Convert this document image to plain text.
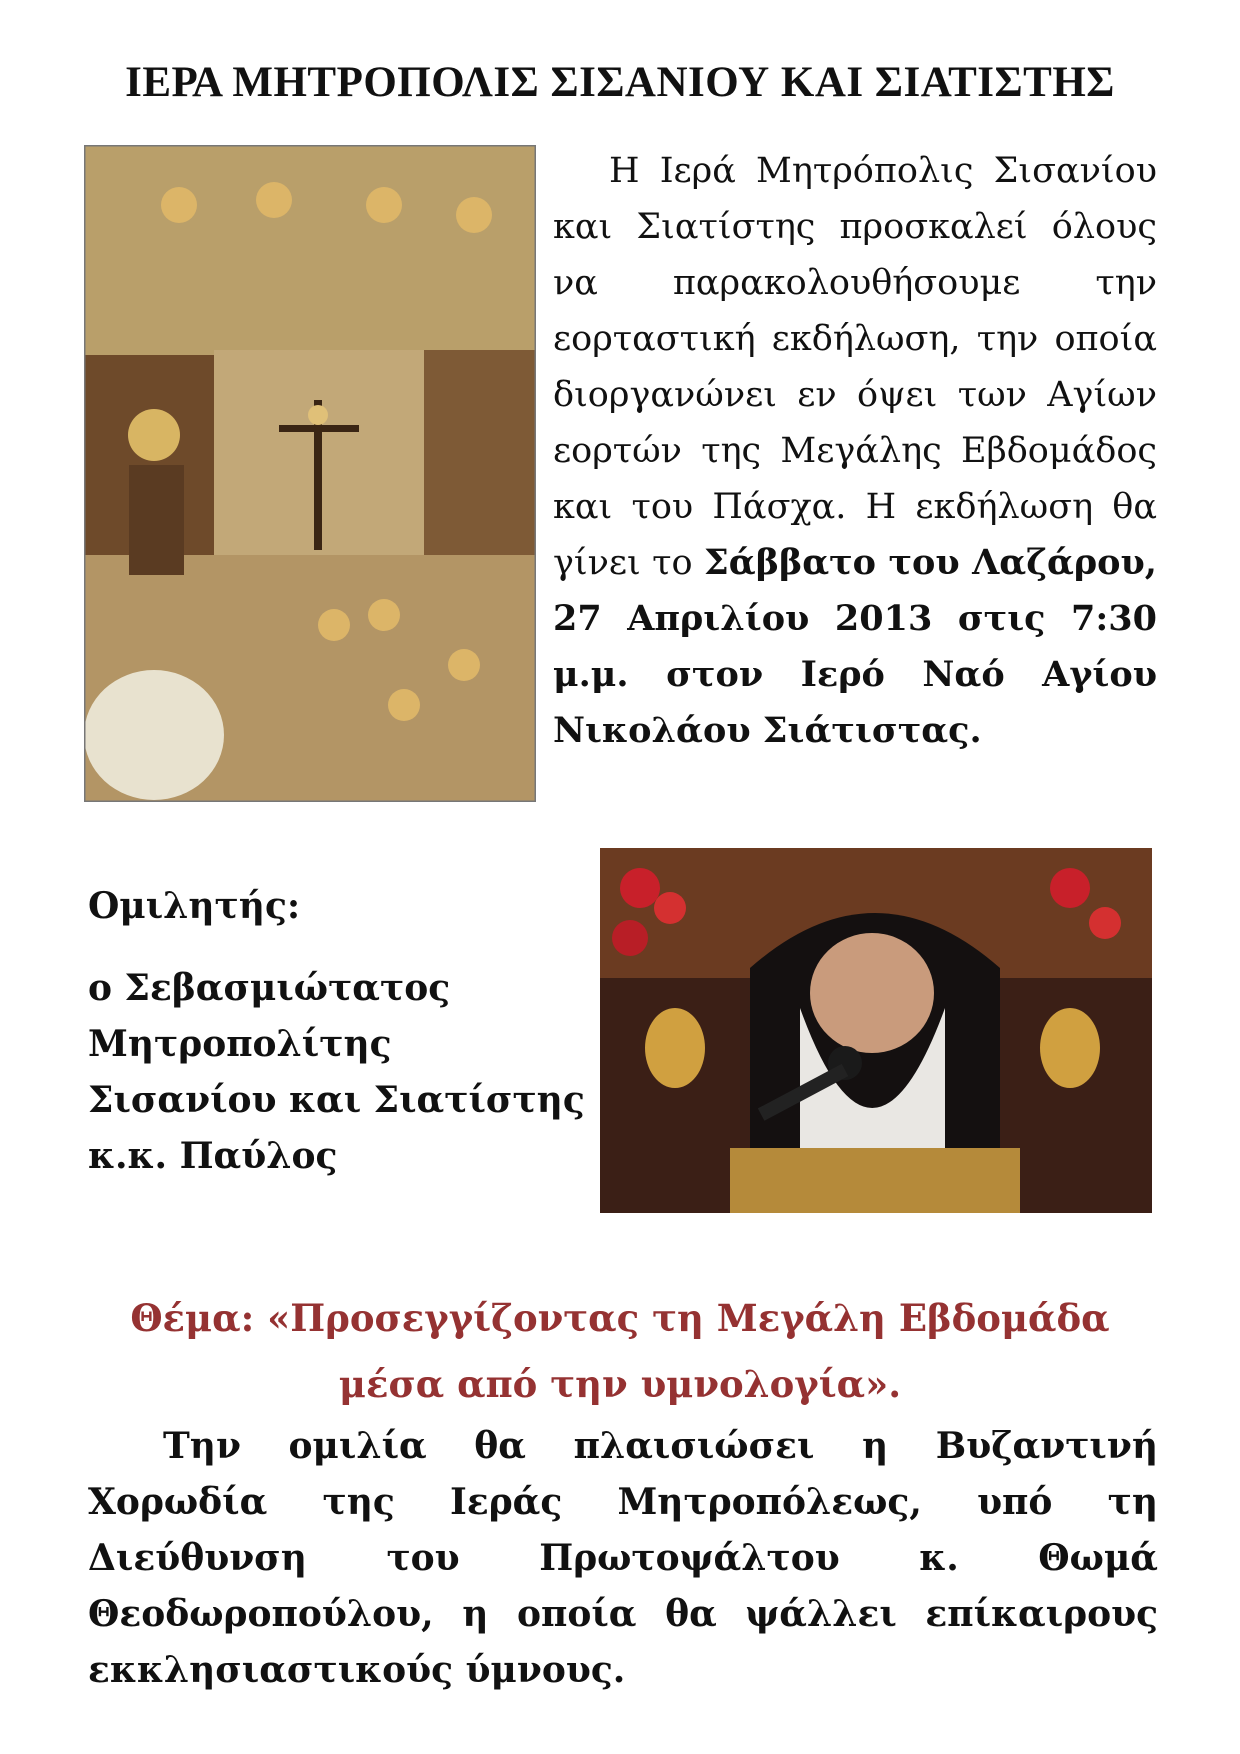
ΙΕΡΑ ΜΗΤΡΟΠΟΛΙΣ ΣΙΣΑΝΙΟΥ ΚΑΙ ΣΙΑΤΙΣΤΗΣ

Η Ιερά Μητρόπολις Σισανίου και Σιατίστης προσκαλεί όλους να παρακολουθήσουμε την εορταστική εκδήλωση, την οποία διοργανώνει εν όψει των Αγίων εορτών της Μεγάλης Εβδομάδος και του Πάσχα. Η εκδήλωση θα γίνει το Σάββατο του Λαζάρου, 27 Απριλίου 2013 στις 7:30 μ.μ. στον Ιερό Ναό Αγίου Νικολάου Σιάτιστας.

Ομιλητής:

ο Σεβασμιώτατος

Μητροπολίτης

Σισανίου και Σιατίστης

κ.κ. Παύλος

Θέμα: «Προσεγγίζοντας τη Μεγάλη Εβδομάδα

μέσα από την υμνολογία».

Την ομιλία θα πλαισιώσει η Βυζαντινή Χορωδία της Ιεράς Μητροπόλεως, υπό τη Διεύθυνση του Πρωτοψάλτου κ. Θωμά Θεοδωροπούλου, η οποία θα ψάλλει επίκαιρους εκκλησιαστικούς ύμνους.
